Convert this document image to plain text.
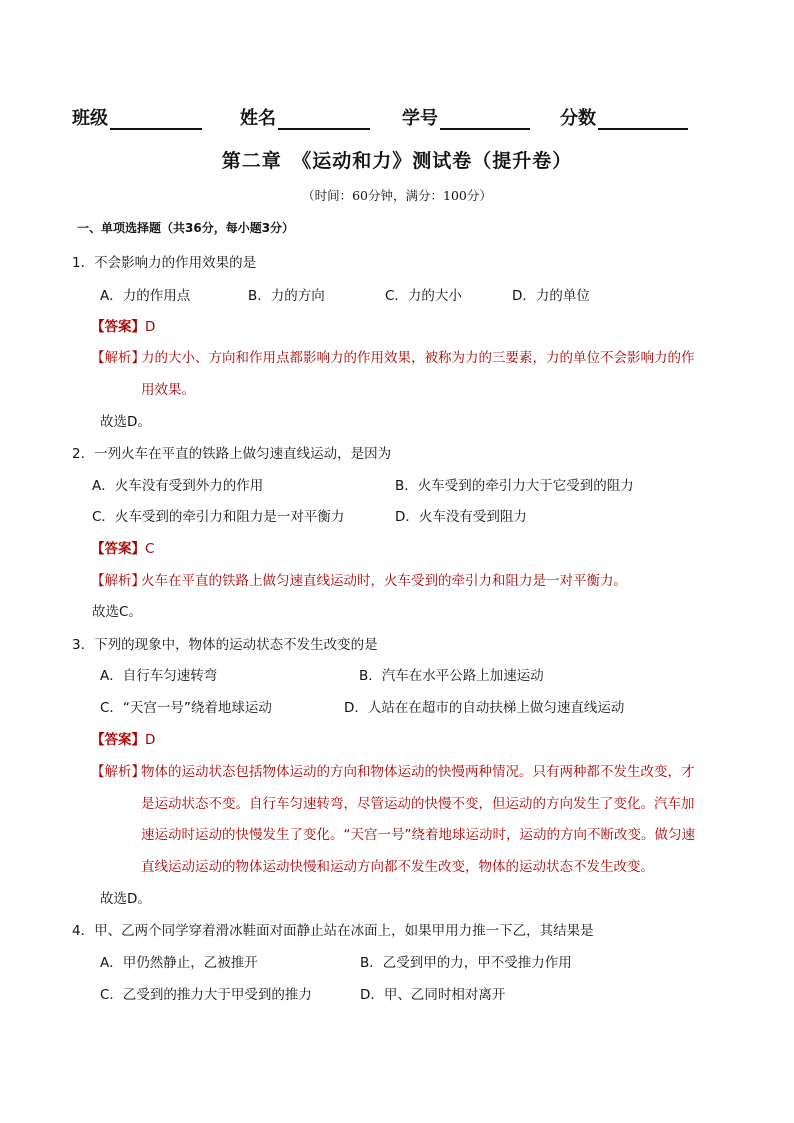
班级	姓名	学号	分数
第二章　《运动和力》测试卷（提升卷）
（时间：60分钟，满分：100分）
一、单项选择题（共36分，每小题3分）
1．不会影响力的作用效果的是
A．力的作用点	B．力的方向	C．力的大小	D．力的单位
【答案】D
【解析】
力的大小、方向和作用点都影响力的作用效果，被称为力的三要素，力的单位不会影响力的作
用效果。
故选D。
2．一列火车在平直的铁路上做匀速直线运动，是因为
A．火车没有受到外力的作用	B．火车受到的牵引力大于它受到的阻力
C．火车受到的牵引力和阻力是一对平衡力	D．火车没有受到阻力
【答案】C
【解析】
火车在平直的铁路上做匀速直线运动时，火车受到的牵引力和阻力是一对平衡力。
故选C。
3．下列的现象中，物体的运动状态不发生改变的是
A．自行车匀速转弯	B．汽车在水平公路上加速运动
C．“天宫一号”绕着地球运动	D．人站在在超市的自动扶梯上做匀速直线运动
【答案】D
【解析】
物体的运动状态包括物体运动的方向和物体运动的快慢两种情况。只有两种都不发生改变，才
是运动状态不变。自行车匀速转弯，尽管运动的快慢不变，但运动的方向发生了变化。汽车加
速运动时运动的快慢发生了变化。“天宫一号”绕着地球运动时，运动的方向不断改变。做匀速
直线运动运动的物体运动快慢和运动方向都不发生改变，物体的运动状态不发生改变。
故选D。
4．甲、乙两个同学穿着滑冰鞋面对面静止站在冰面上，如果甲用力推一下乙，其结果是
A．甲仍然静止，乙被推开	B．乙受到甲的力，甲不受推力作用
C．乙受到的推力大于甲受到的推力	D．甲、乙同时相对离开
